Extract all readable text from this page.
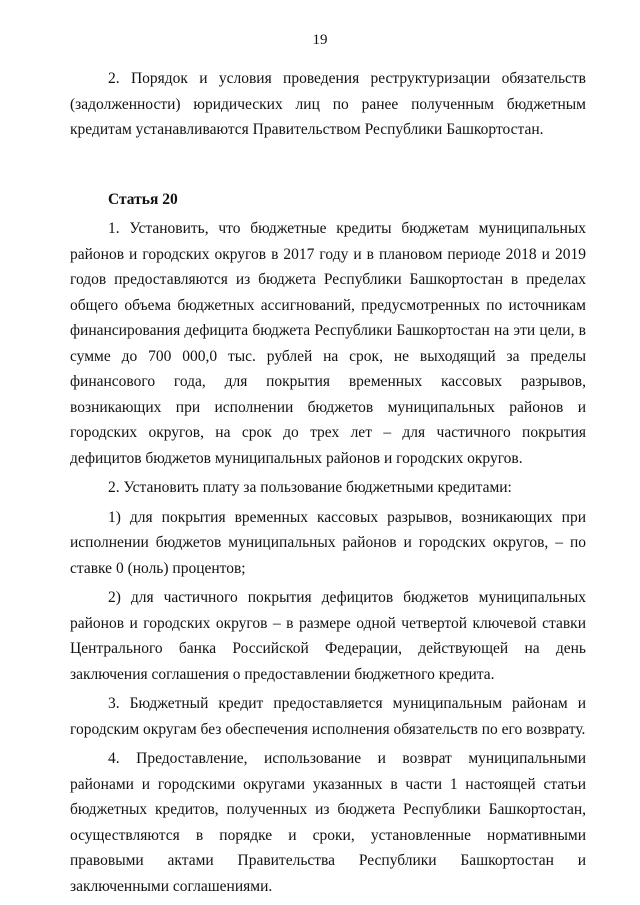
19

2. Порядок и условия проведения реструктуризации обязательств (задолженности) юридических лиц по ранее полученным бюджетным кредитам устанавливаются Правительством Республики Башкортостан.

Статья 20

1. Установить, что бюджетные кредиты бюджетам муниципальных районов и городских округов в 2017 году и в плановом периоде 2018 и 2019 годов предоставляются из бюджета Республики Башкортостан в пределах общего объема бюджетных ассигнований, предусмотренных по источникам финансирования дефицита бюджета Республики Башкортостан на эти цели, в сумме до 700 000,0 тыс. рублей на срок, не выходящий за пределы финансового года, для покрытия временных кассовых разрывов, возникающих при исполнении бюджетов муниципальных районов и городских округов, на срок до трех лет – для частичного покрытия дефицитов бюджетов муниципальных районов и городских округов.

2. Установить плату за пользование бюджетными кредитами:

1) для покрытия временных кассовых разрывов, возникающих при исполнении бюджетов муниципальных районов и городских округов, – по ставке 0 (ноль) процентов;

2) для частичного покрытия дефицитов бюджетов муниципальных районов и городских округов – в размере одной четвертой ключевой ставки Центрального банка Российской Федерации, действующей на день заключения соглашения о предоставлении бюджетного кредита.

3. Бюджетный кредит предоставляется муниципальным районам и городским округам без обеспечения исполнения обязательств по его возврату.

4. Предоставление, использование и возврат муниципальными районами и городскими округами указанных в части 1 настоящей статьи бюджетных кредитов, полученных из бюджета Республики Башкортостан, осуществляются в порядке и сроки, установленные нормативными правовыми актами Правительства Республики Башкортостан и заключенными соглашениями.
